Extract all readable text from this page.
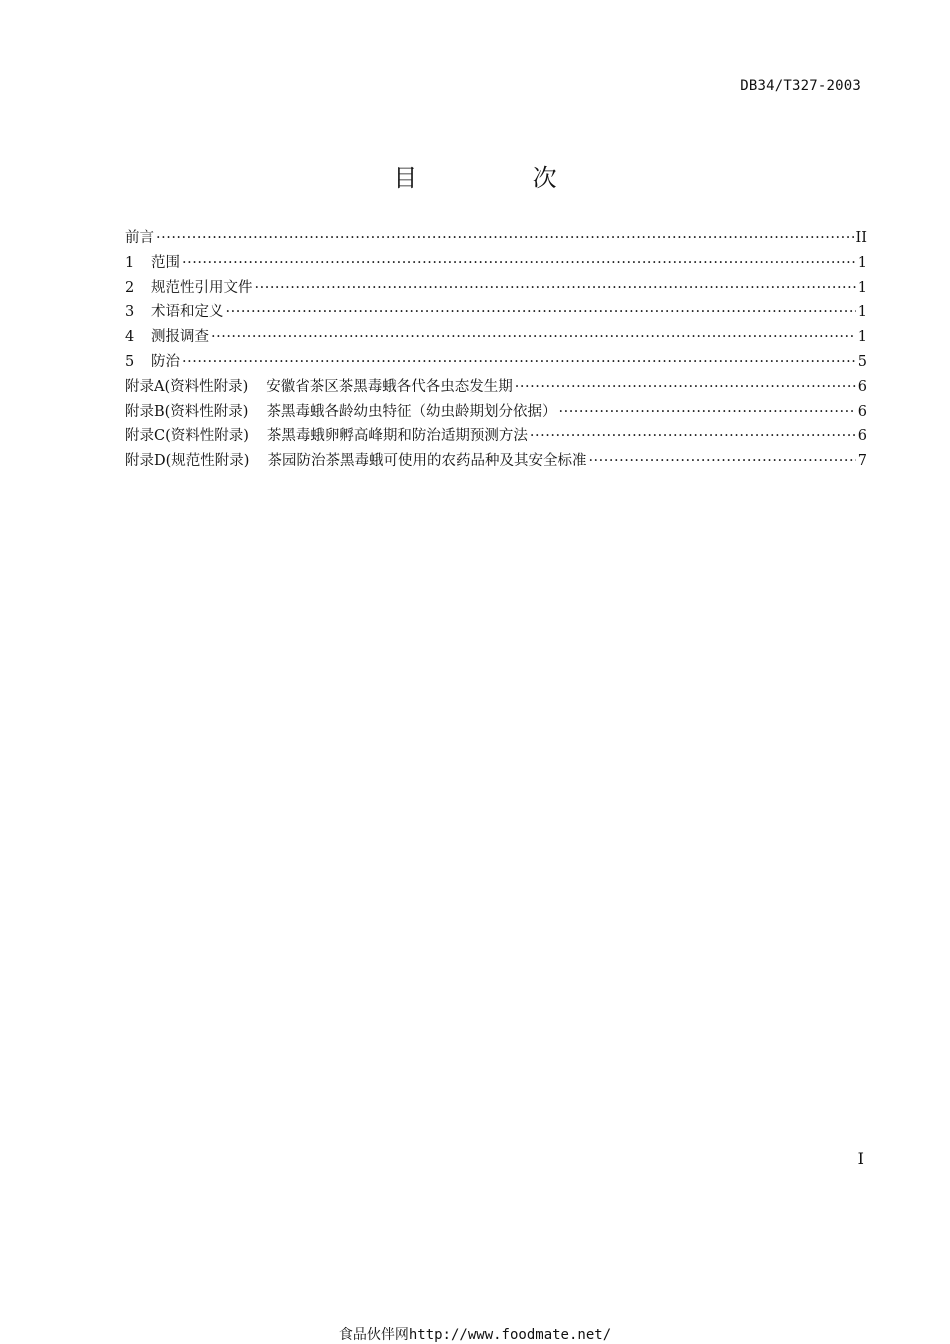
DB34/T327-2003
目	次
前言 ·····	II
1	范围 ·····	1
2	规范性引用文件 ·····	1
3	术语和定义 ·····	1
4	测报调查 ·····	1
5	防治 ·····	5
附录A(资料性附录) 安徽省茶区茶黑毒蛾各代各虫态发生期 ·····	6
附录B(资料性附录) 茶黑毒蛾各龄幼虫特征（幼虫龄期划分依据） ·····	6
附录C(资料性附录) 茶黑毒蛾卵孵高峰期和防治适期预测方法 ·····	6
附录D(规范性附录) 茶园防治茶黑毒蛾可使用的农药品种及其安全标准 ·····	7
I
食品伙伴网http://www.foodmate.net/
